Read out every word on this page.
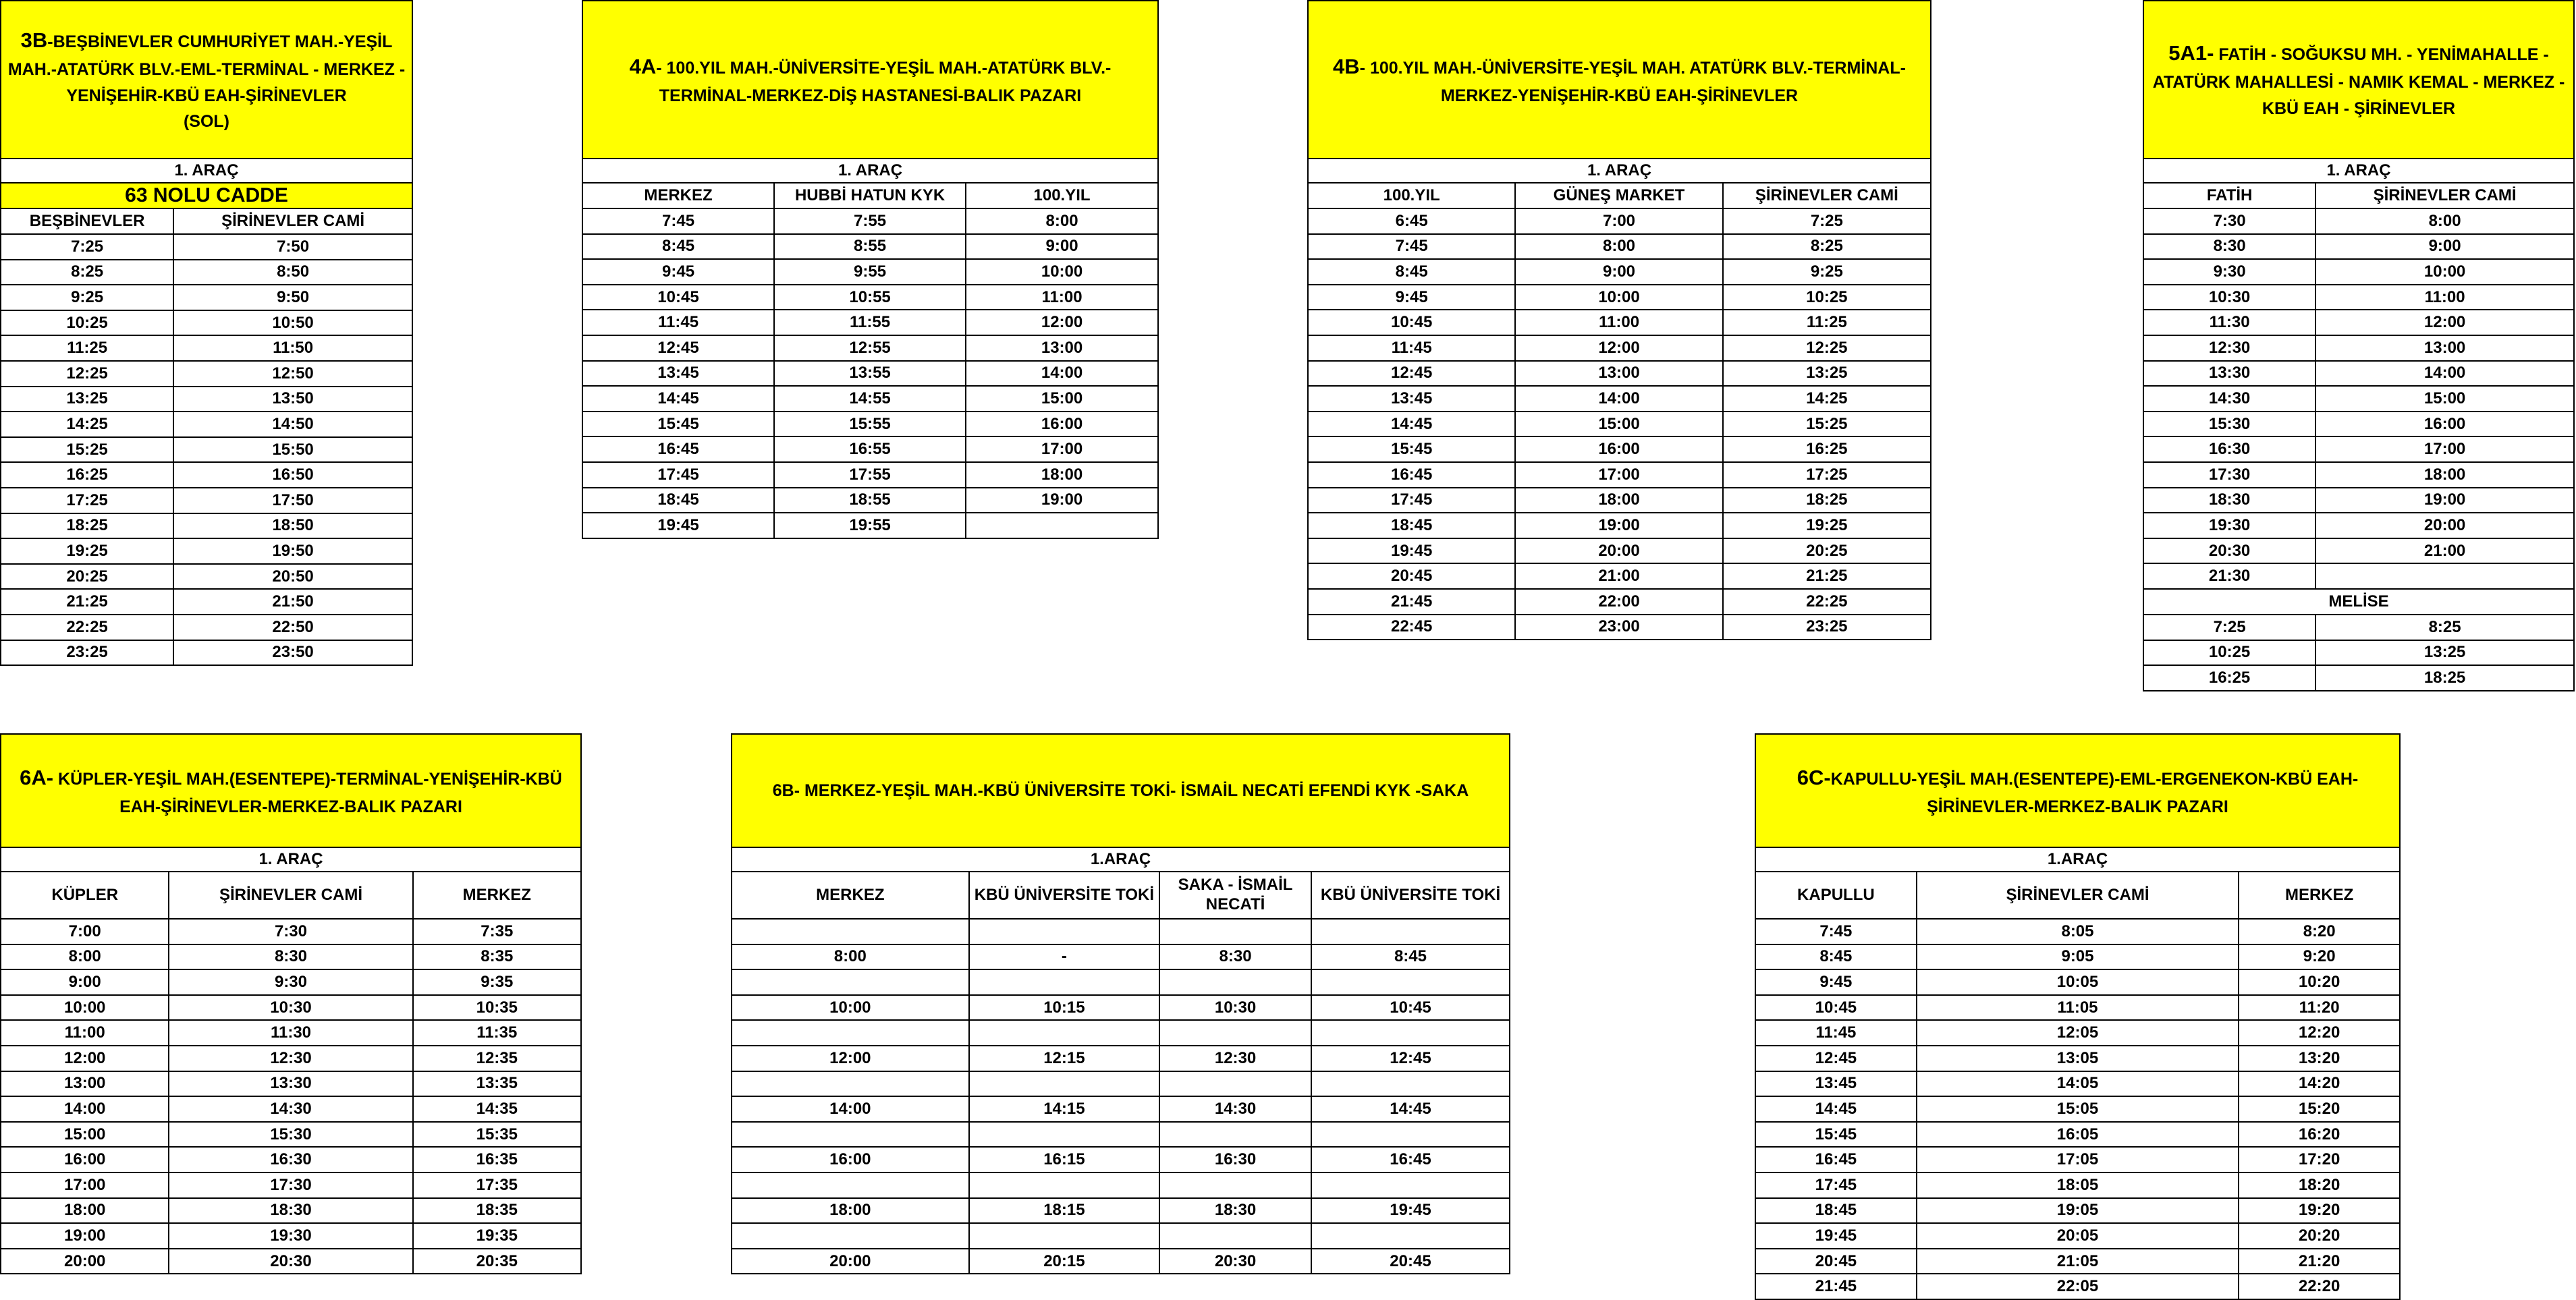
3B-BEŞBİNEVLER CUMHURİYET MAH.-YEŞİL MAH.-ATATÜRK BLV.-EML-TERMİNAL - MERKEZ - YENİŞEHİR-KBÜ EAH-ŞİRİNEVLER
(SOL)	
1. ARAÇ	
63 NOLU CADDE	
BEŞBİNEVLER	ŞİRİNEVLER CAMİ
7:25	7:50
8:25	8:50
9:25	9:50
10:25	10:50
11:25	11:50
12:25	12:50
13:25	13:50
14:25	14:50
15:25	15:50
16:25	16:50
17:25	17:50
18:25	18:50
19:25	19:50
20:25	20:50
21:25	21:50
22:25	22:50
23:25	23:50
4A- 100.YIL MAH.-ÜNİVERSİTE-YEŞİL MAH.-ATATÜRK BLV.-TERMİNAL-MERKEZ-DİŞ HASTANESİ-BALIK PAZARI		
1. ARAÇ		
MERKEZ	HUBBİ HATUN KYK	100.YIL
7:45	7:55	8:00
8:45	8:55	9:00
9:45	9:55	10:00
10:45	10:55	11:00
11:45	11:55	12:00
12:45	12:55	13:00
13:45	13:55	14:00
14:45	14:55	15:00
15:45	15:55	16:00
16:45	16:55	17:00
17:45	17:55	18:00
18:45	18:55	19:00
19:45	19:55	
4B- 100.YIL MAH.-ÜNİVERSİTE-YEŞİL MAH. ATATÜRK BLV.-TERMİNAL-MERKEZ-YENİŞEHİR-KBÜ EAH-ŞİRİNEVLER		
1. ARAÇ		
100.YIL	GÜNEŞ MARKET	ŞİRİNEVLER CAMİ
6:45	7:00	7:25
7:45	8:00	8:25
8:45	9:00	9:25
9:45	10:00	10:25
10:45	11:00	11:25
11:45	12:00	12:25
12:45	13:00	13:25
13:45	14:00	14:25
14:45	15:00	15:25
15:45	16:00	16:25
16:45	17:00	17:25
17:45	18:00	18:25
18:45	19:00	19:25
19:45	20:00	20:25
20:45	21:00	21:25
21:45	22:00	22:25
22:45	23:00	23:25
5A1- FATİH - SOĞUKSU MH. - YENİMAHALLE - ATATÜRK MAHALLESİ - NAMIK KEMAL - MERKEZ - KBÜ EAH - ŞİRİNEVLER	
1. ARAÇ	
FATİH	ŞİRİNEVLER CAMİ
7:30	8:00
8:30	9:00
9:30	10:00
10:30	11:00
11:30	12:00
12:30	13:00
13:30	14:00
14:30	15:00
15:30	16:00
16:30	17:00
17:30	18:00
18:30	19:00
19:30	20:00
20:30	21:00
21:30	
MELİSE	
7:25	8:25
10:25	13:25
16:25	18:25
6A- KÜPLER-YEŞİL MAH.(ESENTEPE)-TERMİNAL-YENİŞEHİR-KBÜ EAH-ŞİRİNEVLER-MERKEZ-BALIK PAZARI		
1. ARAÇ		
KÜPLER	ŞİRİNEVLER CAMİ	MERKEZ
7:00	7:30	7:35
8:00	8:30	8:35
9:00	9:30	9:35
10:00	10:30	10:35
11:00	11:30	11:35
12:00	12:30	12:35
13:00	13:30	13:35
14:00	14:30	14:35
15:00	15:30	15:35
16:00	16:30	16:35
17:00	17:30	17:35
18:00	18:30	18:35
19:00	19:30	19:35
20:00	20:30	20:35
6B- MERKEZ-YEŞİL MAH.-KBÜ ÜNİVERSİTE TOKİ- İSMAİL NECATİ EFENDİ KYK -SAKA			
1.ARAÇ			
MERKEZ	KBÜ ÜNİVERSİTE TOKİ	SAKA - İSMAİL NECATİ	KBÜ ÜNİVERSİTE TOKİ

8:00	-	8:30	8:45

10:00	10:15	10:30	10:45

12:00	12:15	12:30	12:45

14:00	14:15	14:30	14:45

16:00	16:15	16:30	16:45

18:00	18:15	18:30	19:45

20:00	20:15	20:30	20:45
6C-KAPULLU-YEŞİL MAH.(ESENTEPE)-EML-ERGENEKON-KBÜ EAH-ŞİRİNEVLER-MERKEZ-BALIK PAZARI		
1.ARAÇ		
KAPULLU	ŞİRİNEVLER CAMİ	MERKEZ
7:45	8:05	8:20
8:45	9:05	9:20
9:45	10:05	10:20
10:45	11:05	11:20
11:45	12:05	12:20
12:45	13:05	13:20
13:45	14:05	14:20
14:45	15:05	15:20
15:45	16:05	16:20
16:45	17:05	17:20
17:45	18:05	18:20
18:45	19:05	19:20
19:45	20:05	20:20
20:45	21:05	21:20
21:45	22:05	22:20
